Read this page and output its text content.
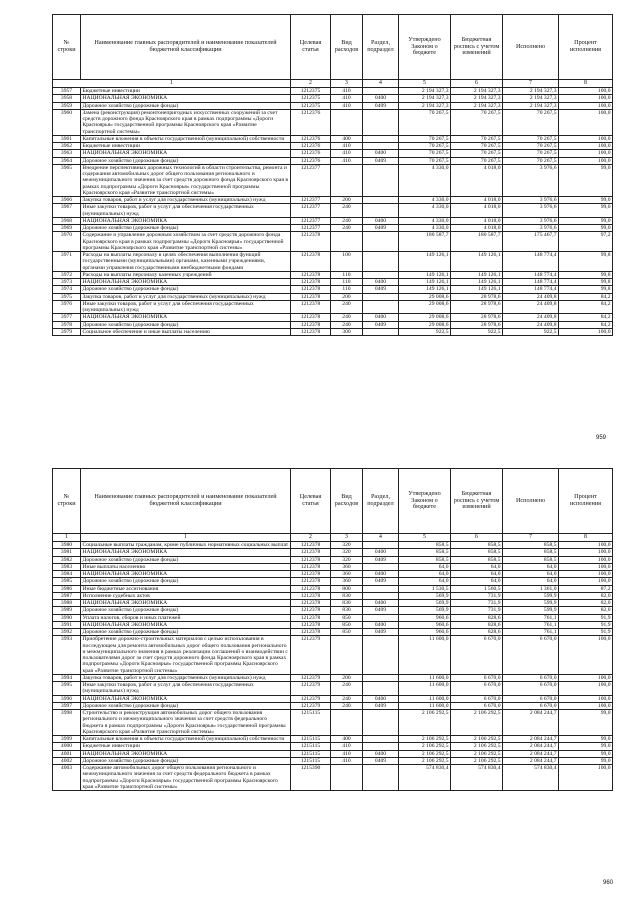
№ строки	Наименование главных распорядителей и наименование показателей бюджетной классификации	Целевая статья	Вид расходов	Раздел, подраздел	Утверждено Законом о бюджете	Бюджетная роспись с учетом изменений	Исполнено	Процент исполнения
1		2	3	4	5	6	7	8
3957	Бюджетные инвестиции	1212375	410		2 194 327,3	2 194 327,3	2 194 327,3	100,0
3958	НАЦИОНАЛЬНАЯ ЭКОНОМИКА	1212375	410	0400	2 194 327,3	2 194 327,3	2 194 327,3	100,0
3959	Дорожное хозяйство (дорожные фонды)	1212375	410	0409	2 194 327,3	2 194 327,3	2 194 327,3	100,0
3960	Замена (реконструкция) ремонтонепригодных искусственных сооружений за счет средств дорожного фонда Красноярского края в рамках подпрограммы «Дороги Красноярья» государственной программы Красноярского края «Развитие транспортной системы»	1212376			70 267,5	70 267,5	70 267,5	100,0
3961	Капитальные вложения в объекты государственной (муниципальной) собственности	1212376	400		70 267,5	70 267,5	70 267,5	100,0
3962	Бюджетные инвестиции	1212376	410		70 267,5	70 267,5	70 267,5	100,0
3963	НАЦИОНАЛЬНАЯ ЭКОНОМИКА	1212376	410	0400	70 267,5	70 267,5	70 267,5	100,0
3964	Дорожное хозяйство (дорожные фонды)	1212376	410	0409	70 267,5	70 267,5	70 267,5	100,0
3965	Внедрение перспективных дорожных технологий в области строительства, ремонта и содержания автомобильных дорог общего пользования регионального и межмуниципального значения за счет средств дорожного фонда Красноярского края в рамках подпрограммы «Дороги Красноярья» государственной программы Красноярского края «Развитие транспортной системы»	1212377			4 330,0	4 018,0	3 976,6	99,0
3966	Закупка товаров, работ и услуг для государственных (муниципальных) нужд	1212377	200		4 330,0	4 018,0	3 976,6	99,0
3967	Иные закупки товаров, работ и услуг для обеспечения государственных (муниципальных) нужд	1212377	240		4 330,0	4 018,0	3 976,6	99,0
3968	НАЦИОНАЛЬНАЯ ЭКОНОМИКА	1212377	240	0400	4 330,0	4 018,0	3 976,6	99,0
3969	Дорожное хозяйство (дорожные фонды)	1212377	240	0409	4 330,0	4 018,0	3 976,6	99,0
3970	Содержание и управление дорожным хозяйством за счет средств дорожного фонда Красноярского края в рамках подпрограммы «Дороги Красноярья» государственной программы Красноярского края «Развитие транспортной системы»	1212378			180 587,7	180 587,7	175 467,7	97,2
3971	Расходы на выплаты персоналу в целях обеспечения выполнения функций государственными (муниципальными) органами, казенными учреждениями, органами управления государственными внебюджетными фондами	1212378	100		149 126,1	149 126,1	148 774,4	99,8
3972	Расходы на выплаты персоналу казенных учреждений	1212378	110		149 126,1	149 126,1	148 774,4	99,8
3973	НАЦИОНАЛЬНАЯ ЭКОНОМИКА	1212378	110	0400	149 126,1	149 126,1	148 774,4	99,8
3974	Дорожное хозяйство (дорожные фонды)	1212378	110	0409	149 126,1	149 126,1	148 774,4	99,8
3975	Закупка товаров, работ и услуг для государственных (муниципальных) нужд	1212378	200		29 008,6	28 978,6	24 409,8	84,2
3976	Иные закупки товаров, работ и услуг для обеспечения государственных (муниципальных) нужд	1212378	240		29 008,6	28 978,6	24 409,8	84,2
3977	НАЦИОНАЛЬНАЯ ЭКОНОМИКА	1212378	240	0400	29 008,6	28 978,6	24 409,8	84,2
3978	Дорожное хозяйство (дорожные фонды)	1212378	240	0409	29 008,6	28 978,6	24 409,8	84,2
3979	Социальное обеспечение и иные выплаты населению	1212378	300		922,5	922,5	922,5	100,0
959
№ строки	Наименование главных распорядителей и наименование показателей бюджетной классификации	Целевая статья	Вид расходов	Раздел, подраздел	Утверждено Законом о бюджете	Бюджетная роспись с учетом изменений	Исполнено	Процент исполнения
1	1	2	3	4	5	6	7	8
3980	Социальные выплаты гражданам, кроме публичных нормативных социальных выплат	1212378	320		858,5	858,5	858,5	100,0
3981	НАЦИОНАЛЬНАЯ ЭКОНОМИКА	1212378	320	0400	858,5	858,5	858,5	100,0
3982	Дорожное хозяйство (дорожные фонды)	1212378	320	0409	858,5	858,5	858,5	100,0
3983	Иные выплаты населению	1212378	360		64,0	64,0	64,0	100,0
3984	НАЦИОНАЛЬНАЯ ЭКОНОМИКА	1212378	360	0400	64,0	64,0	64,0	100,0
3985	Дорожное хозяйство (дорожные фонды)	1212378	360	0409	64,0	64,0	64,0	100,0
3986	Иные бюджетные ассигнования	1212378	800		1 530,5	1 560,5	1 361,0	87,2
3987	Исполнение судебных актов	1212378	830		569,9	731,9	599,9	82,0
3988	НАЦИОНАЛЬНАЯ ЭКОНОМИКА	1212378	830	0400	569,9	731,9	599,9	82,0
3989	Дорожное хозяйство (дорожные фонды)	1212378	830	0409	569,9	731,9	599,9	82,0
3990	Уплата налогов, сборов и иных платежей	1212378	850		960,6	828,6	761,1	91,9
3991	НАЦИОНАЛЬНАЯ ЭКОНОМИКА	1212378	850	0400	960,6	828,6	761,1	91,9
3992	Дорожное хозяйство (дорожные фонды)	1212378	850	0409	960,6	828,6	761,1	91,9
3993	Приобретение дорожно-строительных материалов с целью использования в последующем для ремонта автомобильных дорог общего пользования регионального и межмуниципального значения в рамках реализации соглашений о взаимодействии с пользователями дорог за счет средств дорожного фонда Красноярского края в рамках подпрограммы «Дороги Красноярья» государственной программы Красноярского края «Развитие транспортной системы»	1212379			11 600,0	6 670,0	6 670,0	100,0
3994	Закупка товаров, работ и услуг для государственных (муниципальных) нужд	1212379	200		11 600,0	6 670,0	6 670,0	100,0
3995	Иные закупки товаров, работ и услуг для обеспечения государственных (муниципальных) нужд	1212379	240		11 600,0	6 670,0	6 670,0	100,0
3996	НАЦИОНАЛЬНАЯ ЭКОНОМИКА	1212379	240	0400	11 600,0	6 670,0	6 670,0	100,0
3997	Дорожное хозяйство (дорожные фонды)	1212379	240	0409	11 600,0	6 670,0	6 670,0	100,0
3998	Строительство и реконструкция автомобильных дорог общего пользования регионального и межмуниципального значения за счет средств федерального бюджета в рамках подпрограммы «Дороги Красноярья» государственной программы Красноярского края «Развитие транспортной системы»	1215115			2 106 292,5	2 106 292,5	2 084 244,7	99,0
3999	Капитальные вложения в объекты государственной (муниципальной) собственности	1215115	400		2 106 292,5	2 106 292,5	2 084 244,7	99,0
4000	Бюджетные инвестиции	1215115	410		2 106 292,5	2 106 292,5	2 084 244,7	99,0
4001	НАЦИОНАЛЬНАЯ ЭКОНОМИКА	1215115	410	0400	2 106 292,5	2 106 292,5	2 084 244,7	99,0
4002	Дорожное хозяйство (дорожные фонды)	1215115	410	0409	2 106 292,5	2 106 292,5	2 084 244,7	99,0
4003	Содержание автомобильных дорог общего пользования регионального и межмуниципального значения за счет средств федерального бюджета в рамках подпрограммы «Дороги Красноярья» государственной программы Красноярского края «Развитие транспортной системы»	1215390			574 830,4	574 830,4	574 830,4	100,0
960
